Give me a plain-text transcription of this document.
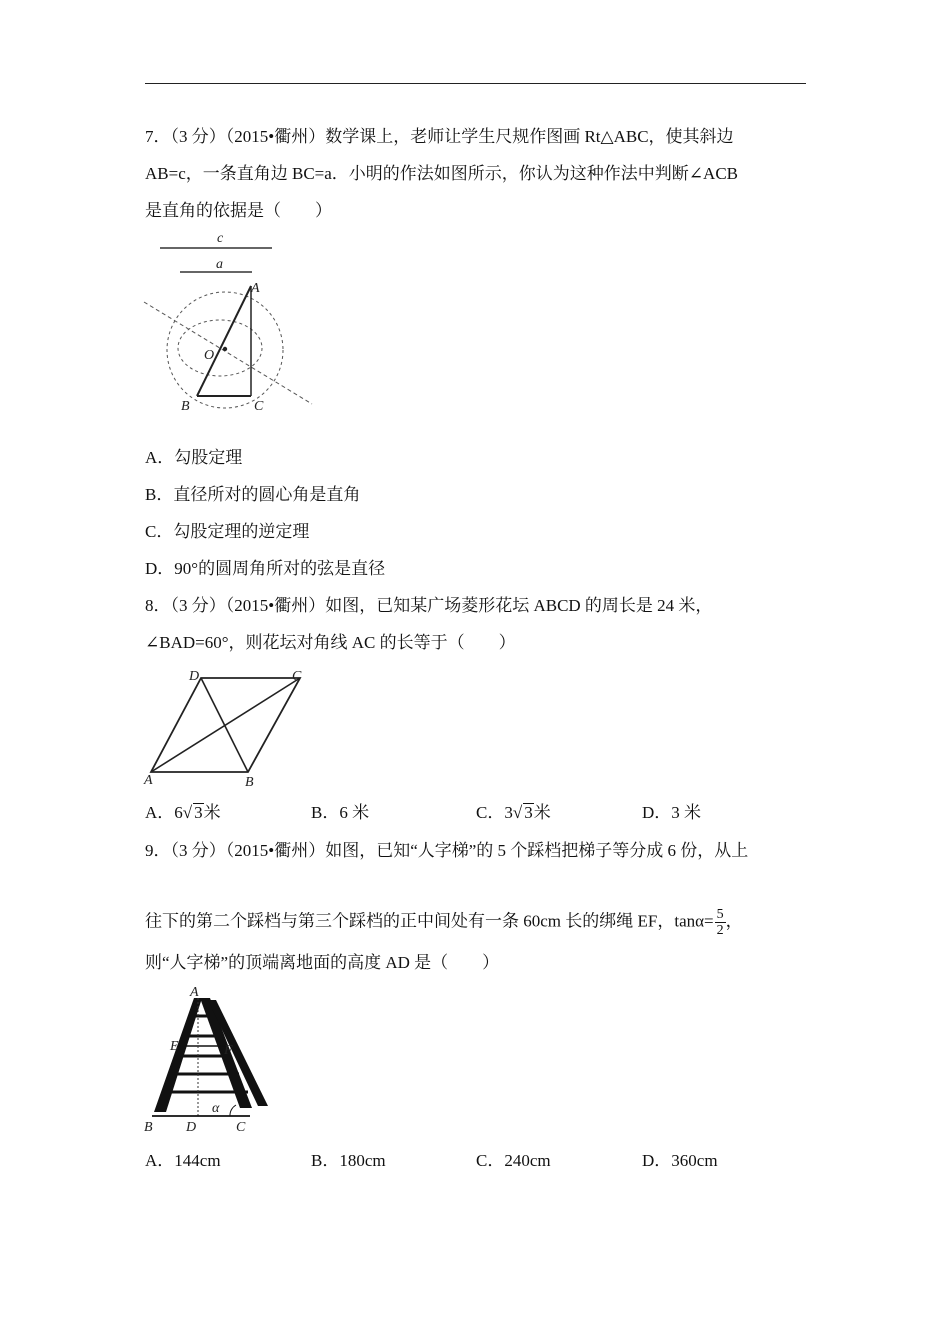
7．（3 分）（2015•衢州）数学课上，老师让学生尺规作图画 Rt△ABC，使其斜边
AB=c，一条直角边 BC=a．小明的作法如图所示，你认为这种作法中判断∠ACB
是直角的依据是（　　）
c
a
A
O
B	C
A．勾股定理
B．直径所对的圆心角是直角
C．勾股定理的逆定理
D．90°的圆周角所对的弦是直径
8．（3 分）（2015•衢州）如图，已知某广场菱形花坛 ABCD 的周长是 24 米，
∠BAD=60°，则花坛对角线 AC 的长等于（　　）
D	C
A	B
A．6√ 3米	B．6 米	C．3√ 3米	D．3 米
9．（3 分）（2015•衢州）如图，已知“人字梯”的 5 个踩档把梯子等分成 6 份，从上
往下的第二个踩档与第三个踩档的正中间处有一条 60cm 长的绑绳 EF，$\tan\alpha= \frac{5}{2}$ ，
则“人字梯”的顶端离地面的高度 AD 是（　　）
A
E	F
α
B D	C
A．144cm	B．180cm	C．240cm	D．360cm
